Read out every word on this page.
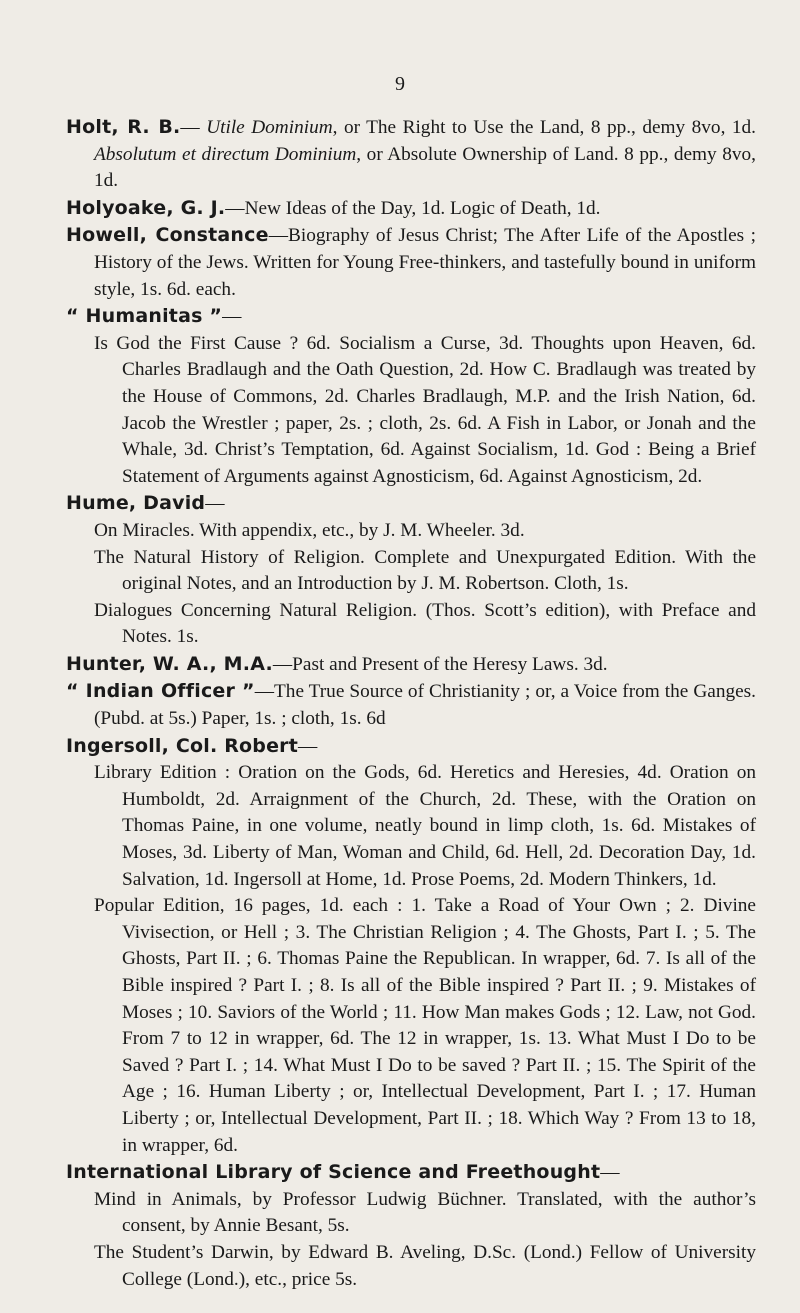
9

Holt, R. B.— Utile Dominium, or The Right to Use the Land, 8 pp., demy 8vo, 1d. Absolutum et directum Dominium, or Absolute Ownership of Land. 8 pp., demy 8vo, 1d.

Holyoake, G. J.—New Ideas of the Day, 1d. Logic of Death, 1d.

Howell, Constance—Biography of Jesus Christ; The After Life of the Apostles ; History of the Jews. Written for Young Free-thinkers, and tastefully bound in uniform style, 1s. 6d. each.

“ Humanitas ”—

Is God the First Cause ? 6d. Socialism a Curse, 3d. Thoughts upon Heaven, 6d. Charles Bradlaugh and the Oath Question, 2d. How C. Bradlaugh was treated by the House of Commons, 2d. Charles Bradlaugh, M.P. and the Irish Nation, 6d. Jacob the Wrestler ; paper, 2s. ; cloth, 2s. 6d. A Fish in Labor, or Jonah and the Whale, 3d. Christ’s Temptation, 6d. Against Socialism, 1d. God : Being a Brief Statement of Arguments against Agnosticism, 6d. Against Agnosticism, 2d.

Hume, David—

On Miracles. With appendix, etc., by J. M. Wheeler. 3d.

The Natural History of Religion. Complete and Unexpurgated Edition. With the original Notes, and an Introduction by J. M. Robertson. Cloth, 1s.

Dialogues Concerning Natural Religion. (Thos. Scott’s edition), with Preface and Notes. 1s.

Hunter, W. A., M.A.—Past and Present of the Heresy Laws. 3d.

“ Indian Officer ”—The True Source of Christianity ; or, a Voice from the Ganges. (Pubd. at 5s.) Paper, 1s. ; cloth, 1s. 6d

Ingersoll, Col. Robert—

Library Edition : Oration on the Gods, 6d. Heretics and Heresies, 4d. Oration on Humboldt, 2d. Arraignment of the Church, 2d. These, with the Oration on Thomas Paine, in one volume, neatly bound in limp cloth, 1s. 6d. Mistakes of Moses, 3d. Liberty of Man, Woman and Child, 6d. Hell, 2d. Decoration Day, 1d. Salvation, 1d. Ingersoll at Home, 1d. Prose Poems, 2d. Modern Thinkers, 1d.

Popular Edition, 16 pages, 1d. each : 1. Take a Road of Your Own ; 2. Divine Vivisection, or Hell ; 3. The Christian Religion ; 4. The Ghosts, Part I. ; 5. The Ghosts, Part II. ; 6. Thomas Paine the Republican. In wrapper, 6d. 7. Is all of the Bible inspired ? Part I. ; 8. Is all of the Bible inspired ? Part II. ; 9. Mistakes of Moses ; 10. Saviors of the World ; 11. How Man makes Gods ; 12. Law, not God. From 7 to 12 in wrapper, 6d. The 12 in wrapper, 1s. 13. What Must I Do to be Saved ? Part I. ; 14. What Must I Do to be saved ? Part II. ; 15. The Spirit of the Age ; 16. Human Liberty ; or, Intellectual Development, Part I. ; 17. Human Liberty ; or, Intellectual Development, Part II. ; 18. Which Way ? From 13 to 18, in wrapper, 6d.

International Library of Science and Freethought—

Mind in Animals, by Professor Ludwig Büchner. Translated, with the author’s consent, by Annie Besant, 5s.

The Student’s Darwin, by Edward B. Aveling, D.Sc. (Lond.) Fellow of University College (Lond.), etc., price 5s.
